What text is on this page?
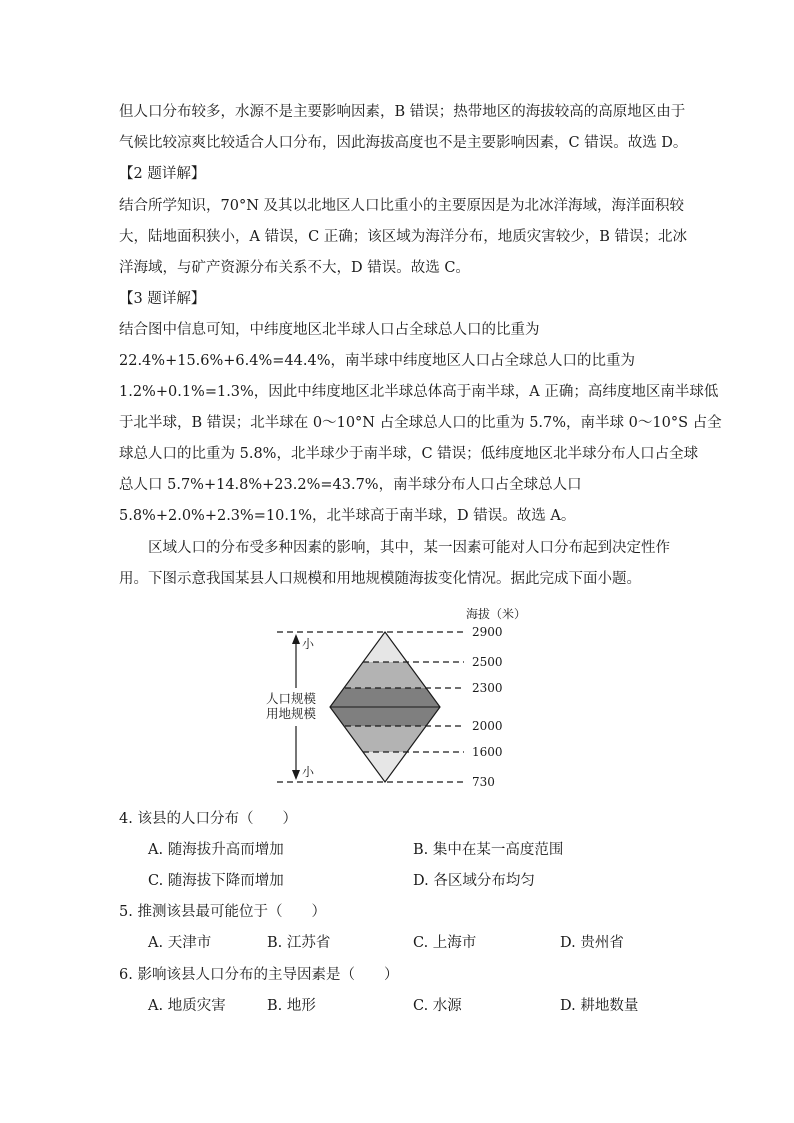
但人口分布较多，水源不是主要影响因素，B 错误；热带地区的海拔较高的高原地区由于
气候比较凉爽比较适合人口分布，因此海拔高度也不是主要影响因素，C 错误。故选 D。
【2 题详解】
结合所学知识，70°N 及其以北地区人口比重小的主要原因是为北冰洋海域，海洋面积较
大，陆地面积狭小，A 错误，C 正确；该区域为海洋分布，地质灾害较少，B 错误；北冰
洋海域，与矿产资源分布关系不大，D 错误。故选 C。
【3 题详解】
结合图中信息可知，中纬度地区北半球人口占全球总人口的比重为
22.4%+15.6%+6.4%=44.4%，南半球中纬度地区人口占全球总人口的比重为
1.2%+0.1%=1.3%，因此中纬度地区北半球总体高于南半球，A 正确；高纬度地区南半球低
于北半球，B 错误；北半球在 0～10°N 占全球总人口的比重为 5.7%，南半球 0～10°S 占全
球总人口的比重为 5.8%，北半球少于南半球，C 错误；低纬度地区北半球分布人口占全球
总人口 5.7%+14.8%+23.2%=43.7%，南半球分布人口占全球总人口
5.8%+2.0%+2.3%=10.1%，北半球高于南半球，D 错误。故选 A。
区域人口的分布受多种因素的影响，其中，某一因素可能对人口分布起到决定性作
用。下图示意我国某县人口规模和用地规模随海拔变化情况。据此完成下面小题。
小
小
人口规模
用地规模
海拔（米）
2900
2500
2300
2000
1600
730
4. 该县的人口分布（　　）
A. 随海拔升高而增加	B. 集中在某一高度范围
C. 随海拔下降而增加	D. 各区域分布均匀
5. 推测该县最可能位于（　　）
A. 天津市	B. 江苏省	C. 上海市	D. 贵州省
6. 影响该县人口分布的主导因素是（　　）
A. 地质灾害	B. 地形	C. 水源	D. 耕地数量
